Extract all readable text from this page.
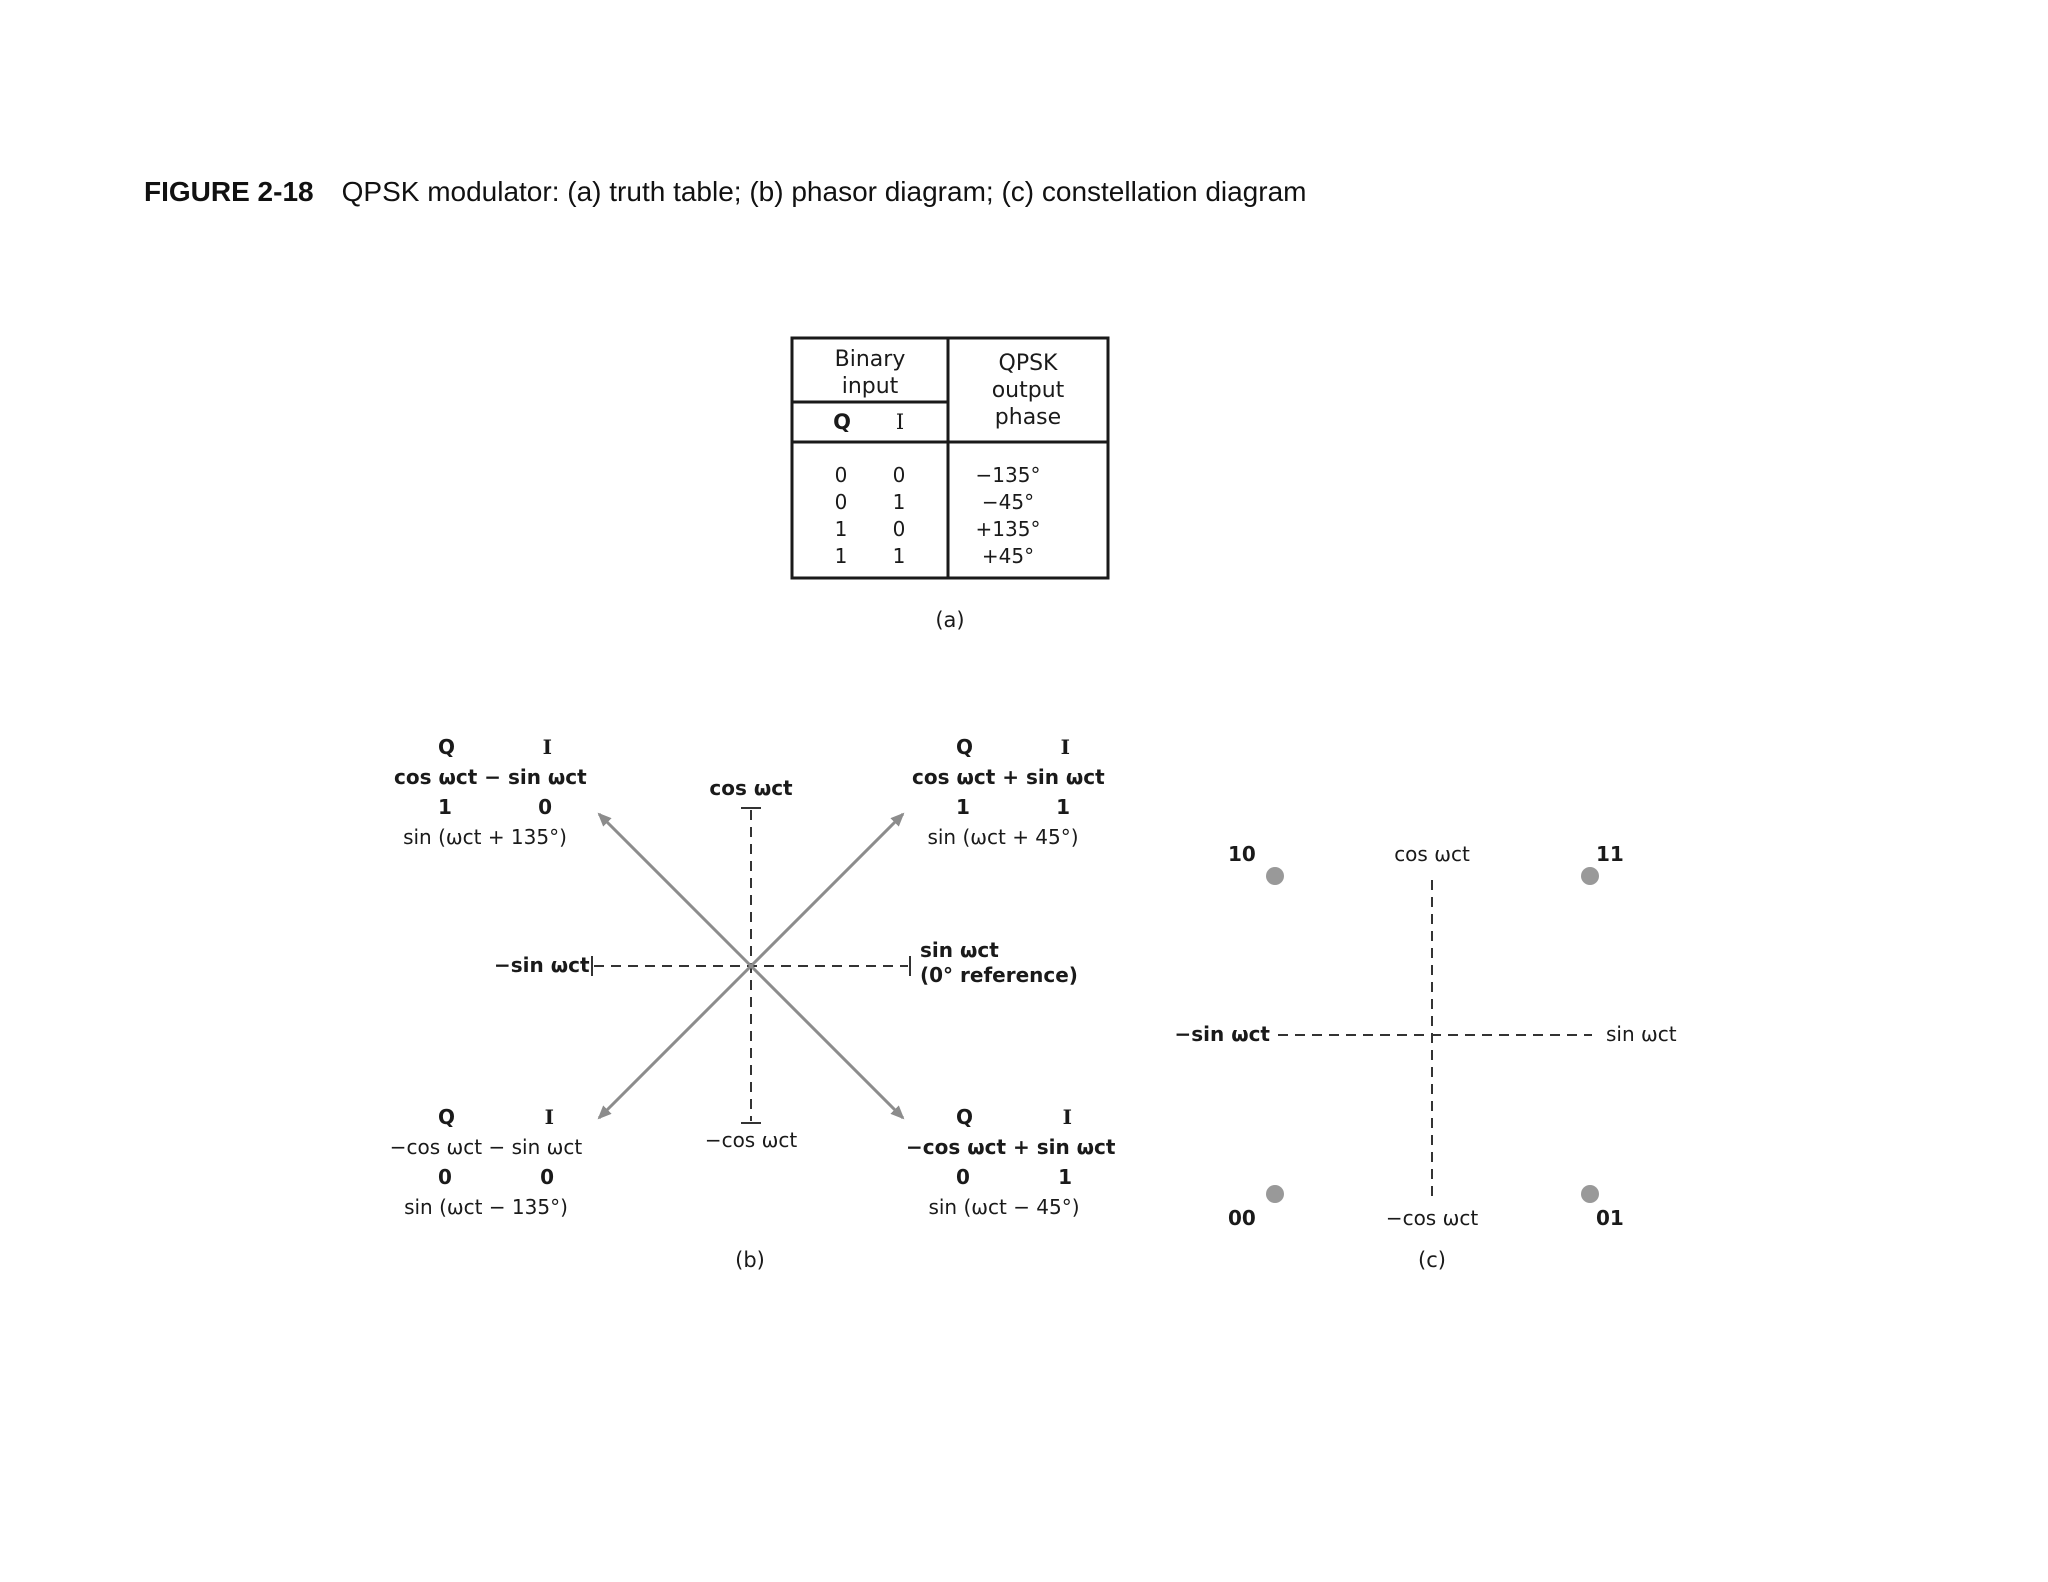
FIGURE 2-18 QPSK modulator: (a) truth table; (b) phasor diagram; (c) constellation diagram
Binary
input
QPSK
output
phase
Q	I
0	0	−135°
0	1	−45°
1	0	+135°
1	1	+45°
(a)
cos ωct
−cos ωct
−sin ωct
sin ωct
(0° reference)
Q	I
cos ωct − sin ωct
1	0
sin (ωct + 135°)
Q	I
cos ωct + sin ωct
1	1
sin (ωct + 45°)
Q	I
−cos ωct − sin ωct
0	0
sin (ωct − 135°)
Q	I
−cos ωct + sin ωct
0	1
sin (ωct − 45°)
(b)
cos ωct
−cos ωct
−sin ωct	sin ωct
10	11
00	01
(c)
